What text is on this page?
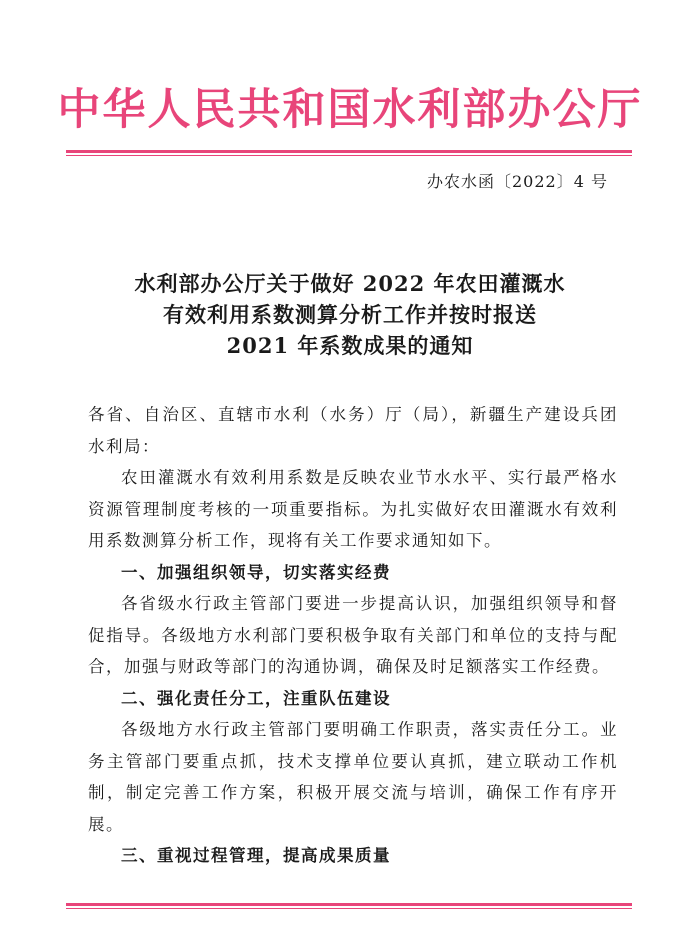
中华人民共和国水利部办公厅
办农水函〔2022〕4 号
水利部办公厅关于做好 2022 年农田灌溉水
有效利用系数测算分析工作并按时报送
2021 年系数成果的通知

各省、自治区、直辖市水利（水务）厅（局），新疆生产建设兵团水利局：

农田灌溉水有效利用系数是反映农业节水水平、实行最严格水资源管理制度考核的一项重要指标。为扎实做好农田灌溉水有效利用系数测算分析工作，现将有关工作要求通知如下。

一、加强组织领导，切实落实经费

各省级水行政主管部门要进一步提高认识，加强组织领导和督促指导。各级地方水利部门要积极争取有关部门和单位的支持与配合，加强与财政等部门的沟通协调，确保及时足额落实工作经费。

二、强化责任分工，注重队伍建设

各级地方水行政主管部门要明确工作职责，落实责任分工。业务主管部门要重点抓，技术支撑单位要认真抓，建立联动工作机制，制定完善工作方案，积极开展交流与培训，确保工作有序开展。

三、重视过程管理，提高成果质量
